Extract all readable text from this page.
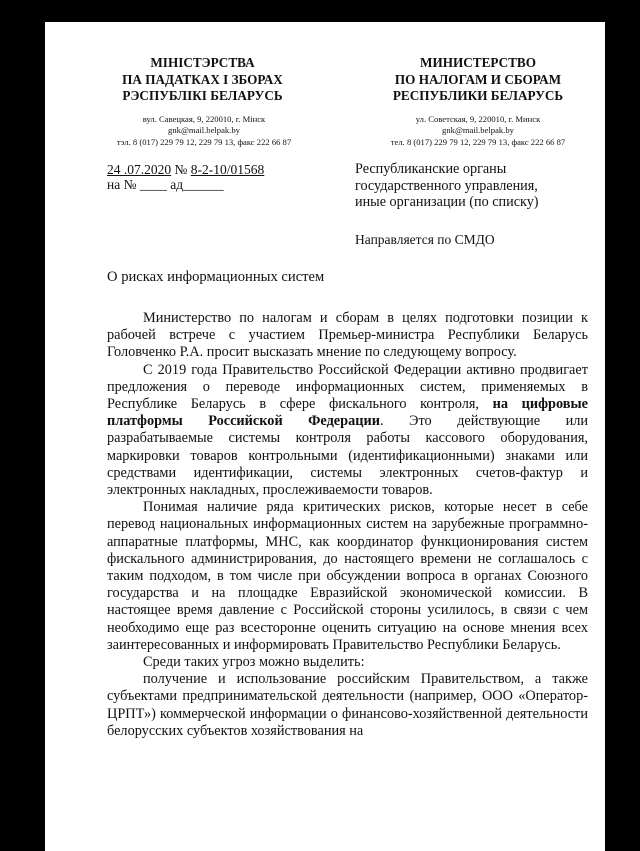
МІНІСТЭРСТВА
ПА ПАДАТКАХ І ЗБОРАХ
РЭСПУБЛІКІ БЕЛАРУСЬ
МИНИСТЕРСТВО
ПО НАЛОГАМ И СБОРАМ
РЕСПУБЛИКИ БЕЛАРУСЬ
вул. Савецкая, 9, 220010, г. Мінск
gnk@mail.belpak.by
тэл. 8 (017) 229 79 12, 229 79 13, факс 222 66 87
ул. Советская, 9, 220010, г. Минск
gnk@mail.belpak.by
тел. 8 (017) 229 79 12, 229 79 13, факс 222 66 87
24 .07.2020 № 8-2-10/01568
на № ____ ад______
Республиканские органы
государственного управления,
иные организации (по списку)
Направляется по СМДО
О рисках информационных систем

Министерство по налогам и сборам в целях подготовки позиции к рабочей встрече с участием Премьер-министра Республики Беларусь Головченко Р.А. просит высказать мнение по следующему вопросу.

С 2019 года Правительство Российской Федерации активно продвигает предложения о переводе информационных систем, применяемых в Республике Беларусь в сфере фискального контроля, на цифровые платформы Российской Федерации. Это действующие или разрабатываемые системы контроля работы кассового оборудования, маркировки товаров контрольными (идентификационными) знаками или средствами идентификации, системы электронных счетов-фактур и электронных накладных, прослеживаемости товаров.

Понимая наличие ряда критических рисков, которые несет в себе перевод национальных информационных систем на зарубежные программно-аппаратные платформы, МНС, как координатор функционирования систем фискального администрирования, до настоящего времени не соглашалось с таким подходом, в том числе при обсуждении вопроса в органах Союзного государства и на площадке Евразийской экономической комиссии. В настоящее время давление с Российской стороны усилилось, в связи с чем необходимо еще раз всесторонне оценить ситуацию на основе мнения всех заинтересованных и информировать Правительство Республики Беларусь.

Среди таких угроз можно выделить:

получение и использование российским Правительством, а также субъектами предпринимательской деятельности (например, ООО «Оператор-ЦРПТ») коммерческой информации о финансово-хозяйственной деятельности белорусских субъектов хозяйствования на
